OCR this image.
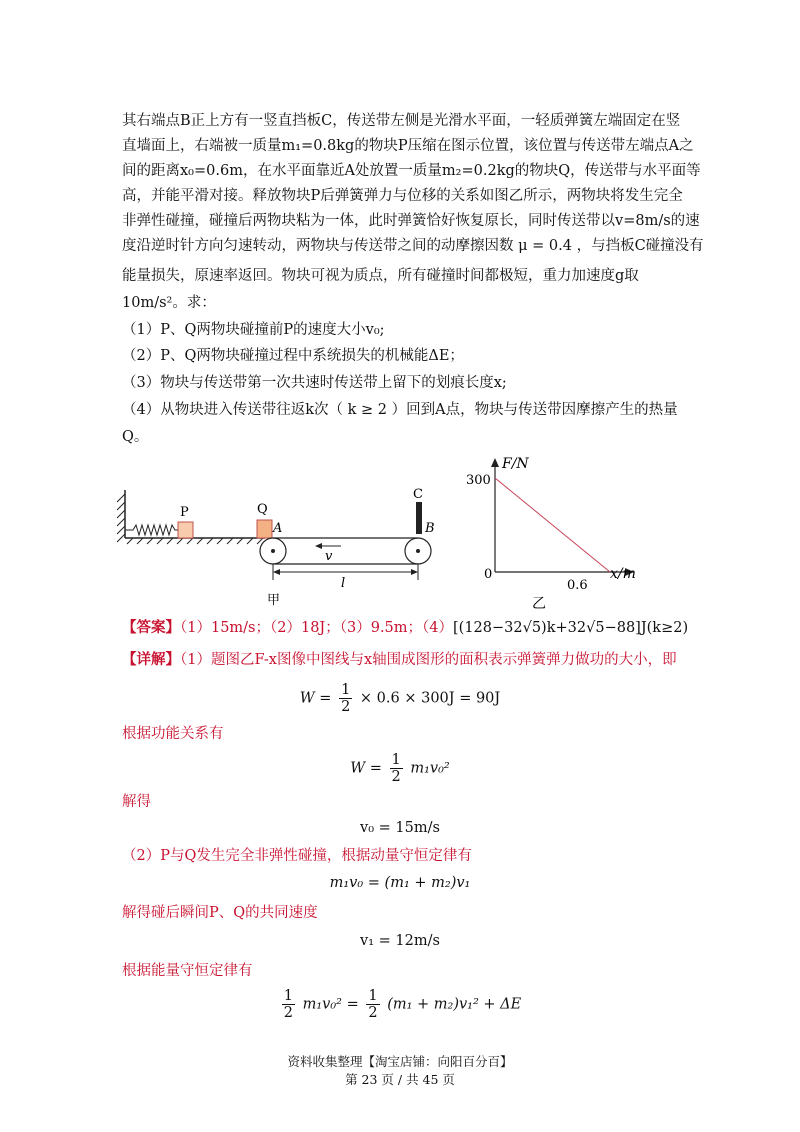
其右端点B正上方有一竖直挡板C，传送带左侧是光滑水平面，一轻质弹簧左端固定在竖
直墙面上，右端被一质量m₁=0.8kg的物块P压缩在图示位置，该位置与传送带左端点A之
间的距离x₀=0.6m，在水平面靠近A处放置一质量m₂=0.2kg的物块Q，传送带与水平面等
高，并能平滑对接。释放物块P后弹簧弹力与位移的关系如图乙所示，两物块将发生完全
非弹性碰撞，碰撞后两物块粘为一体，此时弹簧恰好恢复原长，同时传送带以v=8m/s的速
度沿逆时针方向匀速转动，两物块与传送带之间的动摩擦因数 μ = 0.4 ，与挡板C碰撞没有
能量损失，原速率返回。物块可视为质点，所有碰撞时间都极短，重力加速度g取
10m/s²。求：
（1）P、Q两物块碰撞前P的速度大小v₀;
（2）P、Q两物块碰撞过程中系统损失的机械能ΔE；
（3）物块与传送带第一次共速时传送带上留下的划痕长度x;
（4）从物块进入传送带往返k次（ k ≥ 2 ）回到A点，物块与传送带因摩擦产生的热量
Q。
P	Q
A
C
B
v
l
甲
F/N
x/m
300
0
0.6
乙
【答案】（1）15m/s；（2）18J；（3）9.5m；（4）[(128−32√5)k+32√5−88]J(k≥2)
【详解】（1）题图乙F-x图像中图线与x轴围成图形的面积表示弹簧弹力做功的大小，即
$W = \frac{1}{2} \times 0.6 \times 300J = 90J$
根据功能关系有
$W = \frac{1}{2} m_1v_0^2$
解得
v₀ = 15m/s
（2）P与Q发生完全非弹性碰撞，根据动量守恒定律有
m₁v₀ = (m₁ + m₂)v₁
解得碰后瞬间P、Q的共同速度
v₁ = 12m/s
根据能量守恒定律有
$\frac{1}{2} m_1v_0^2 = \frac{1}{2} (m_1 + m_2)v_1^2 + \Delta E$
资料收集整理【淘宝店铺：向阳百分百】
第 23 页 / 共 45 页
